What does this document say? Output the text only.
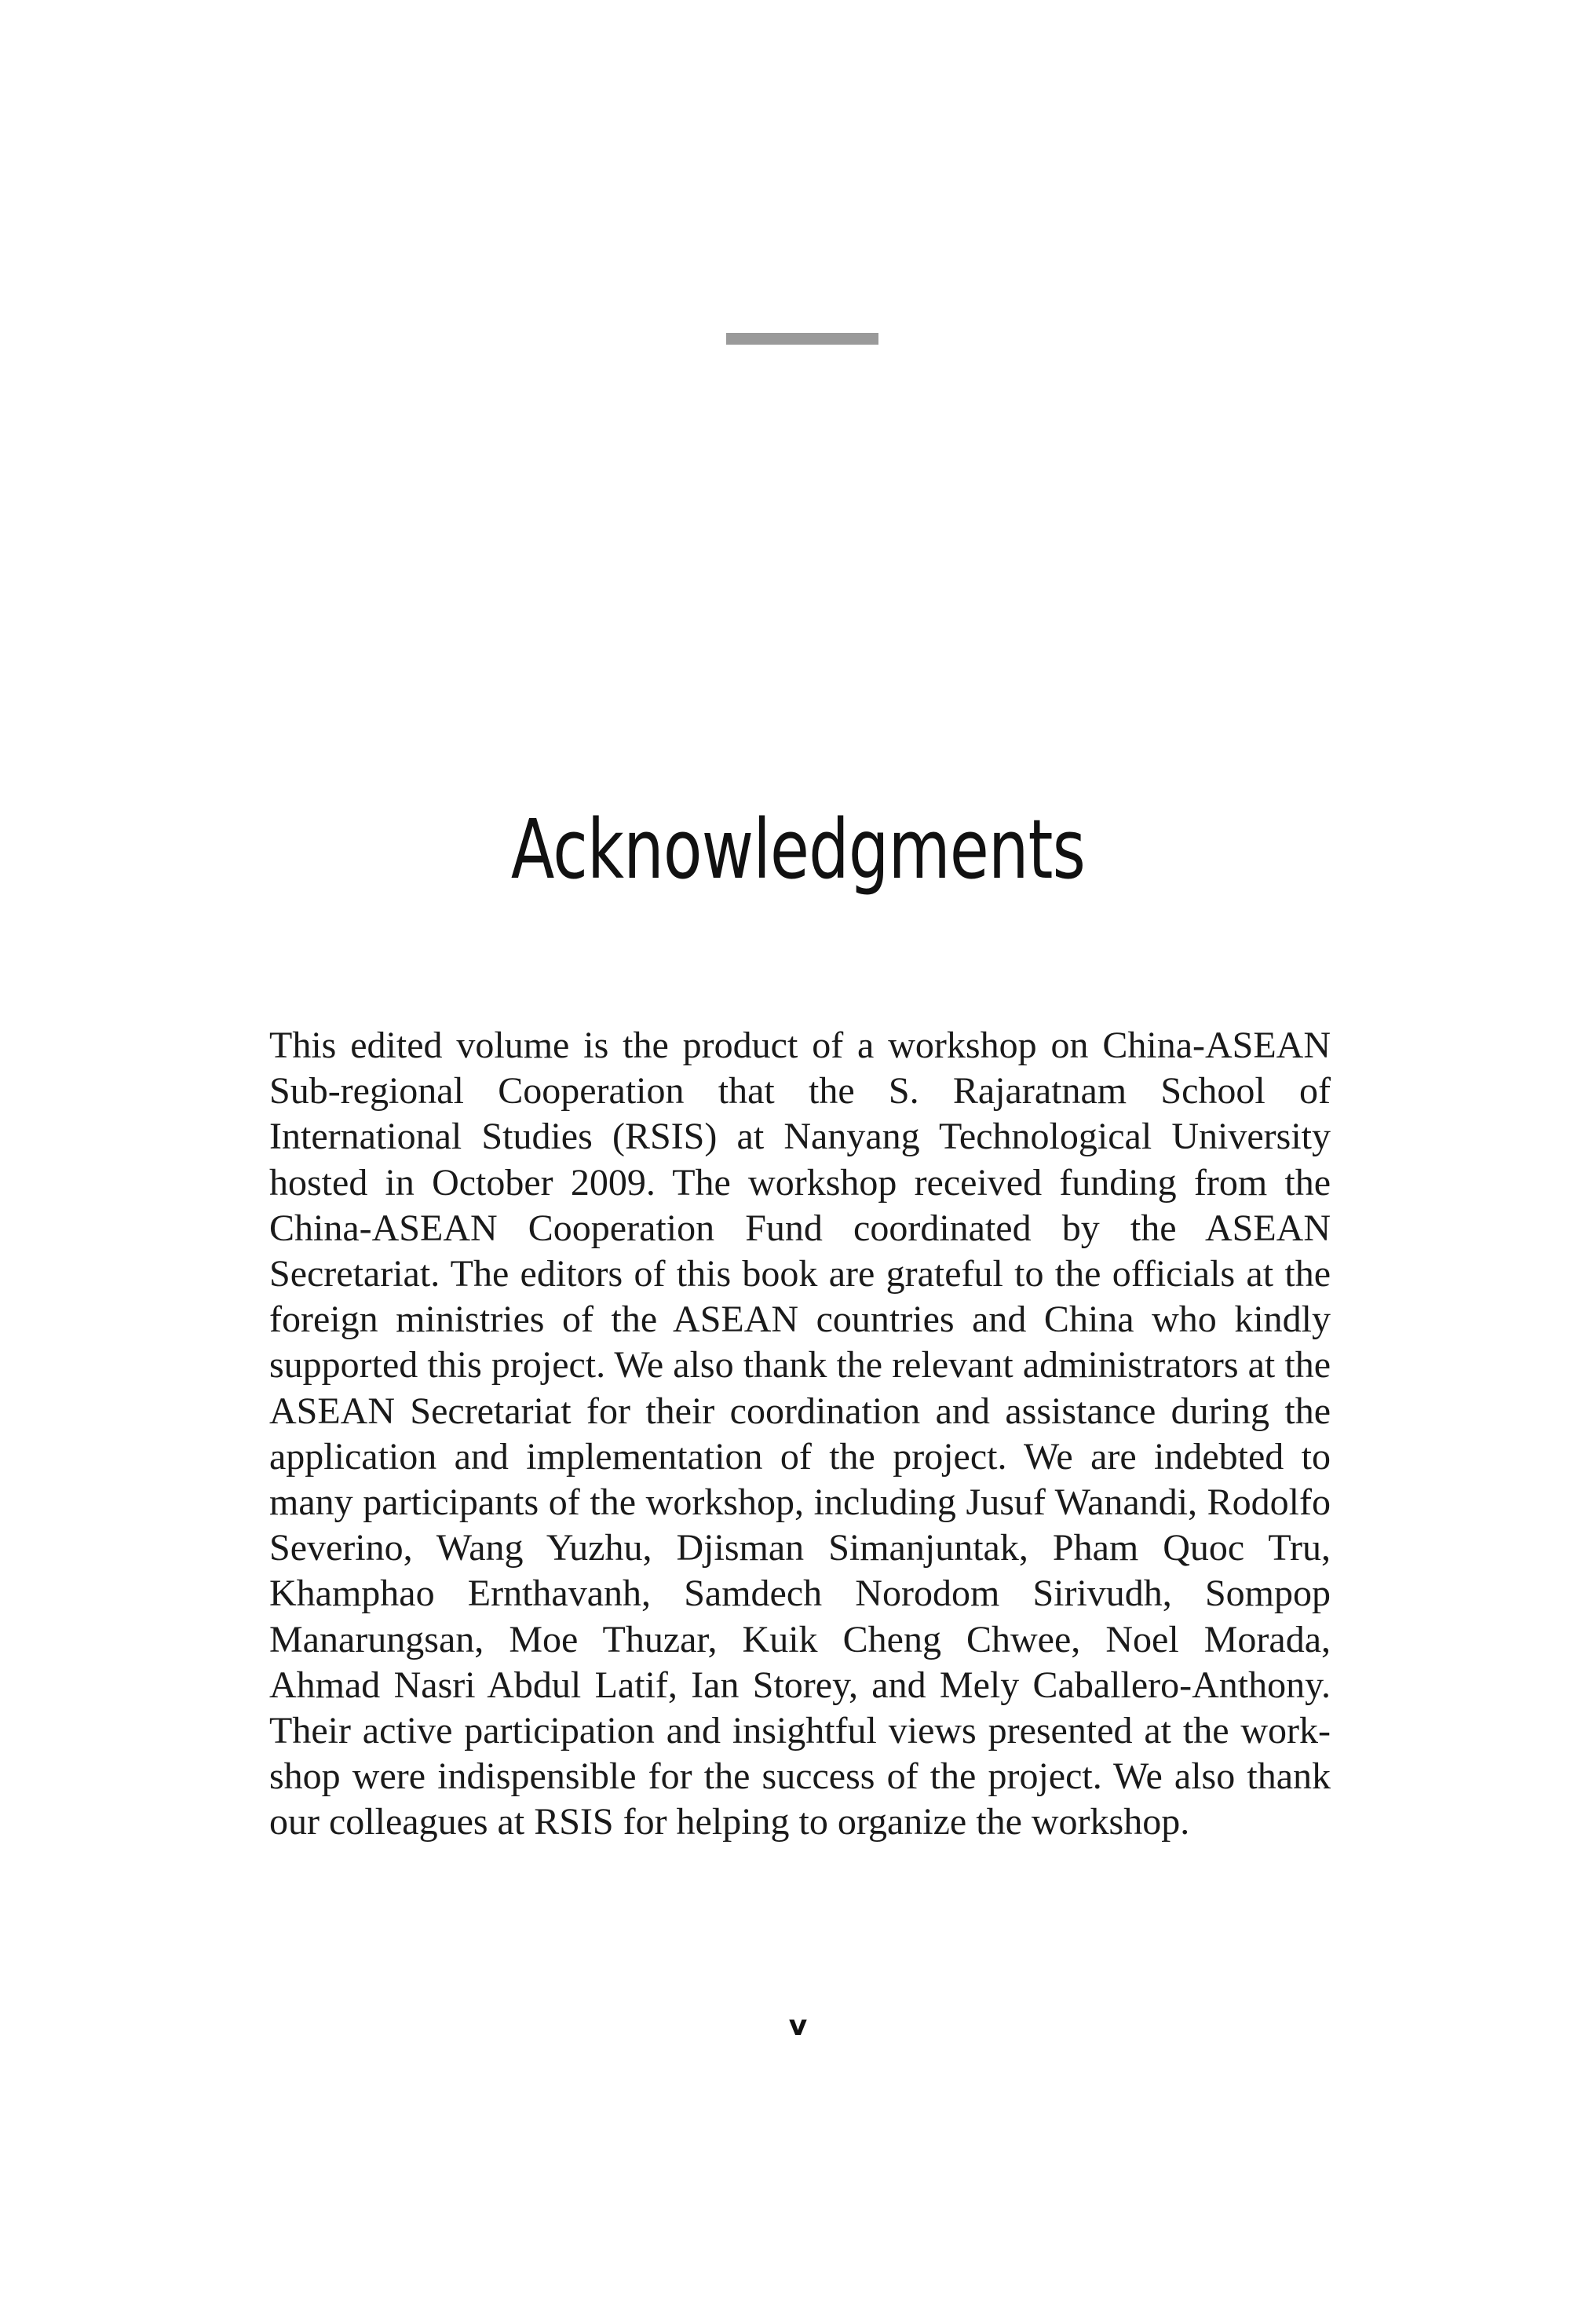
Acknowledgments

This edited volume is the product of a workshop on China-ASEAN Sub-regional Cooperation that the S. Rajaratnam School of International Studies (RSIS) at Nanyang Technological University hosted in October 2009. The workshop received funding from the China-ASEAN Cooperation Fund coordinated by the ASEAN Secretariat. The editors of this book are grateful to the officials at the foreign ministries of the ASEAN countries and China who kindly supported this project. We also thank the relevant administrators at the ASEAN Secretariat for their coordination and assistance during the application and implementation of the project. We are indebted to many participants of the workshop, including Jusuf Wanandi, Rodolfo Severino, Wang Yuzhu, Djisman Simanjuntak, Pham Quoc Tru, Khamphao Ernthavanh, Samdech Norodom Sirivudh, Sompop Manarungsan, Moe Thuzar, Kuik Cheng Chwee, Noel Morada, Ahmad Nasri Abdul Latif, Ian Storey, and Mely Caballero-Anthony. Their active participation and insightful views presented at the work-shop were indispensible for the success of the project. We also thank our colleagues at RSIS for helping to organize the workshop.

v
